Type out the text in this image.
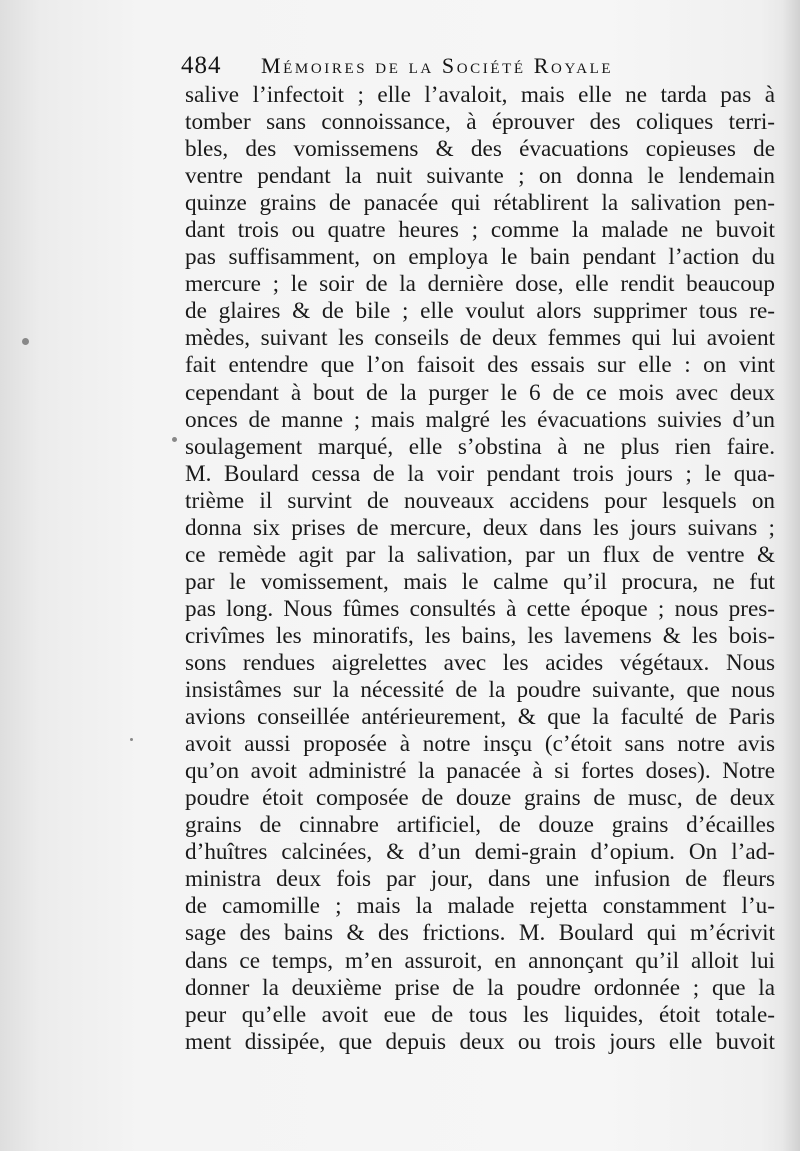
484 Mémoires de la Société Royale
salive l’infectoit ; elle l’avaloit, mais elle ne tarda pas à
tomber sans connoissance, à éprouver des coliques terri-
bles, des vomissemens & des évacuations copieuses de
ventre pendant la nuit suivante ; on donna le lendemain
quinze grains de panacée qui rétablirent la salivation pen-
dant trois ou quatre heures ; comme la malade ne buvoit
pas suffisamment, on employa le bain pendant l’action du
mercure ; le soir de la dernière dose, elle rendit beaucoup
de glaires & de bile ; elle voulut alors supprimer tous re-
mèdes, suivant les conseils de deux femmes qui lui avoient
fait entendre que l’on faisoit des essais sur elle : on vint
cependant à bout de la purger le 6 de ce mois avec deux
onces de manne ; mais malgré les évacuations suivies d’un
soulagement marqué, elle s’obstina à ne plus rien faire.
M. Boulard cessa de la voir pendant trois jours ; le qua-
trième il survint de nouveaux accidens pour lesquels on
donna six prises de mercure, deux dans les jours suivans ;
ce remède agit par la salivation, par un flux de ventre &
par le vomissement, mais le calme qu’il procura, ne fut
pas long. Nous fûmes consultés à cette époque ; nous pres-
crivîmes les minoratifs, les bains, les lavemens & les bois-
sons rendues aigrelettes avec les acides végétaux. Nous
insistâmes sur la nécessité de la poudre suivante, que nous
avions conseillée antérieurement, & que la faculté de Paris
avoit aussi proposée à notre insçu (c’étoit sans notre avis
qu’on avoit administré la panacée à si fortes doses). Notre
poudre étoit composée de douze grains de musc, de deux
grains de cinnabre artificiel, de douze grains d’écailles
d’huîtres calcinées, & d’un demi-grain d’opium. On l’ad-
ministra deux fois par jour, dans une infusion de fleurs
de camomille ; mais la malade rejetta constamment l’u-
sage des bains & des frictions. M. Boulard qui m’écrivit
dans ce temps, m’en assuroit, en annonçant qu’il alloit lui
donner la deuxième prise de la poudre ordonnée ; que la
peur qu’elle avoit eue de tous les liquides, étoit totale-
ment dissipée, que depuis deux ou trois jours elle buvoit
